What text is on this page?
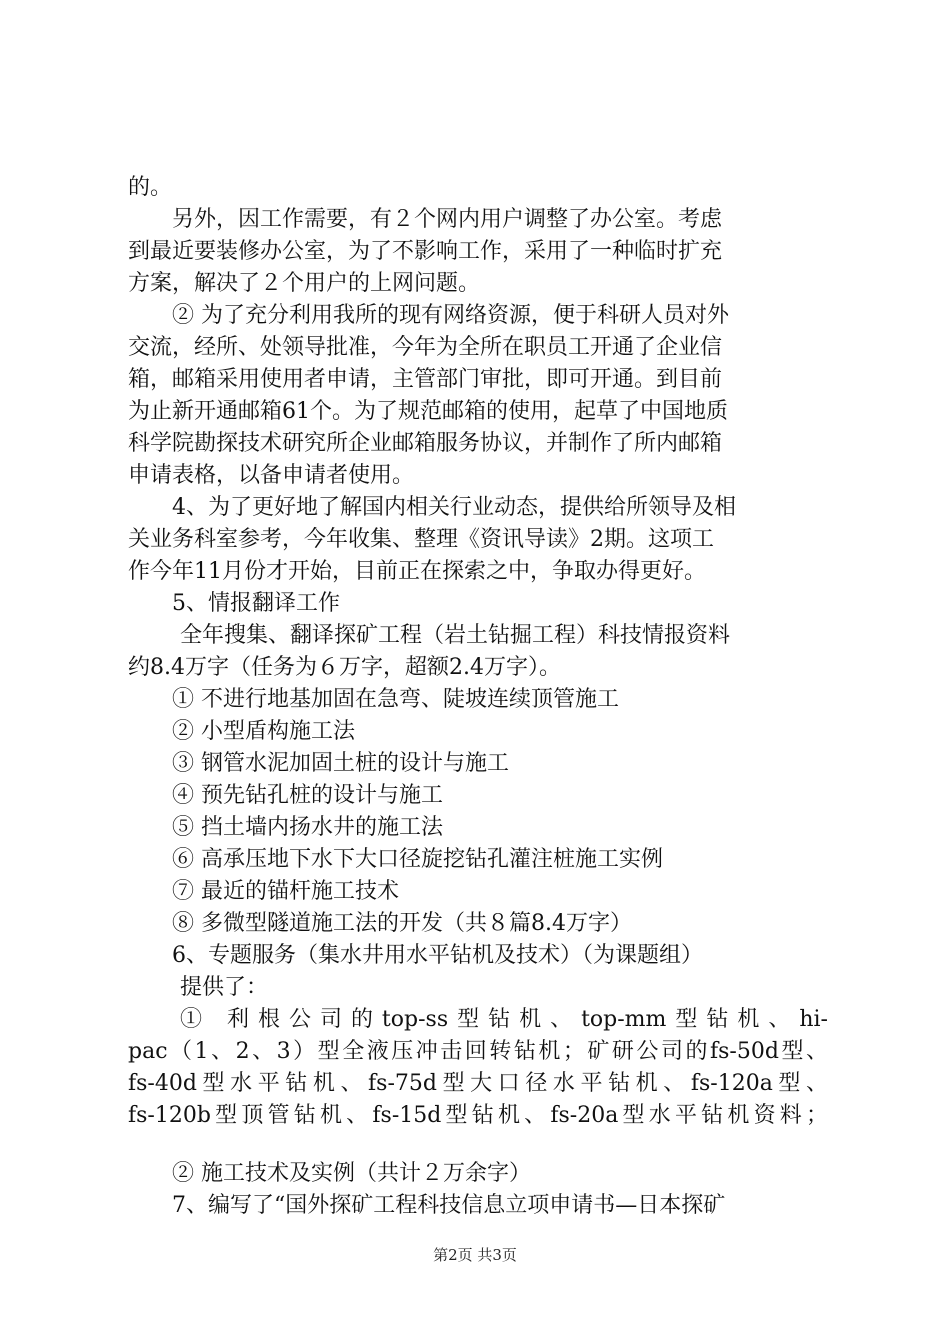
的。
另外，因工作需要，有２个网内用户调整了办公室。考虑
到最近要装修办公室，为了不影响工作，采用了一种临时扩充
方案，解决了２个用户的上网问题。
② 为了充分利用我所的现有网络资源，便于科研人员对外
交流，经所、处领导批准，今年为全所在职员工开通了企业信
箱，邮箱采用使用者申请，主管部门审批，即可开通。到目前
为止新开通邮箱61个。为了规范邮箱的使用，起草了中国地质
科学院勘探技术研究所企业邮箱服务协议，并制作了所内邮箱
申请表格，以备申请者使用。
4、为了更好地了解国内相关行业动态，提供给所领导及相
关业务科室参考，今年收集、整理《资讯导读》2期。这项工
作今年11月份才开始，目前正在探索之中，争取办得更好。
5、情报翻译工作
全年搜集、翻译探矿工程（岩土钻掘工程）科技情报资料
约8.4万字（任务为６万字，超额2.4万字）。
① 不进行地基加固在急弯、陡坡连续顶管施工
② 小型盾构施工法
③ 钢管水泥加固土桩的设计与施工
④ 预先钻孔桩的设计与施工
⑤ 挡土墙内扬水井的施工法
⑥ 高承压地下水下大口径旋挖钻孔灌注桩施工实例
⑦ 最近的锚杆施工技术
⑧ 多微型隧道施工法的开发（共８篇8.4万字）
6、专题服务（集水井用水平钻机及技术）（为课题组）
提供了：
① 利根公司的top-ss型钻机、top-mm型钻机、hi-
pac（1、2、3）型全液压冲击回转钻机；矿研公司的fs-50d型、
fs-40d型水平钻机、fs-75d型大口径水平钻机、fs-120a型、
fs-120b型顶管钻机、fs-15d型钻机、fs-20a型水平钻机资料；
② 施工技术及实例（共计２万余字）
7、编写了“国外探矿工程科技信息立项申请书—日本探矿
第2页 共3页
